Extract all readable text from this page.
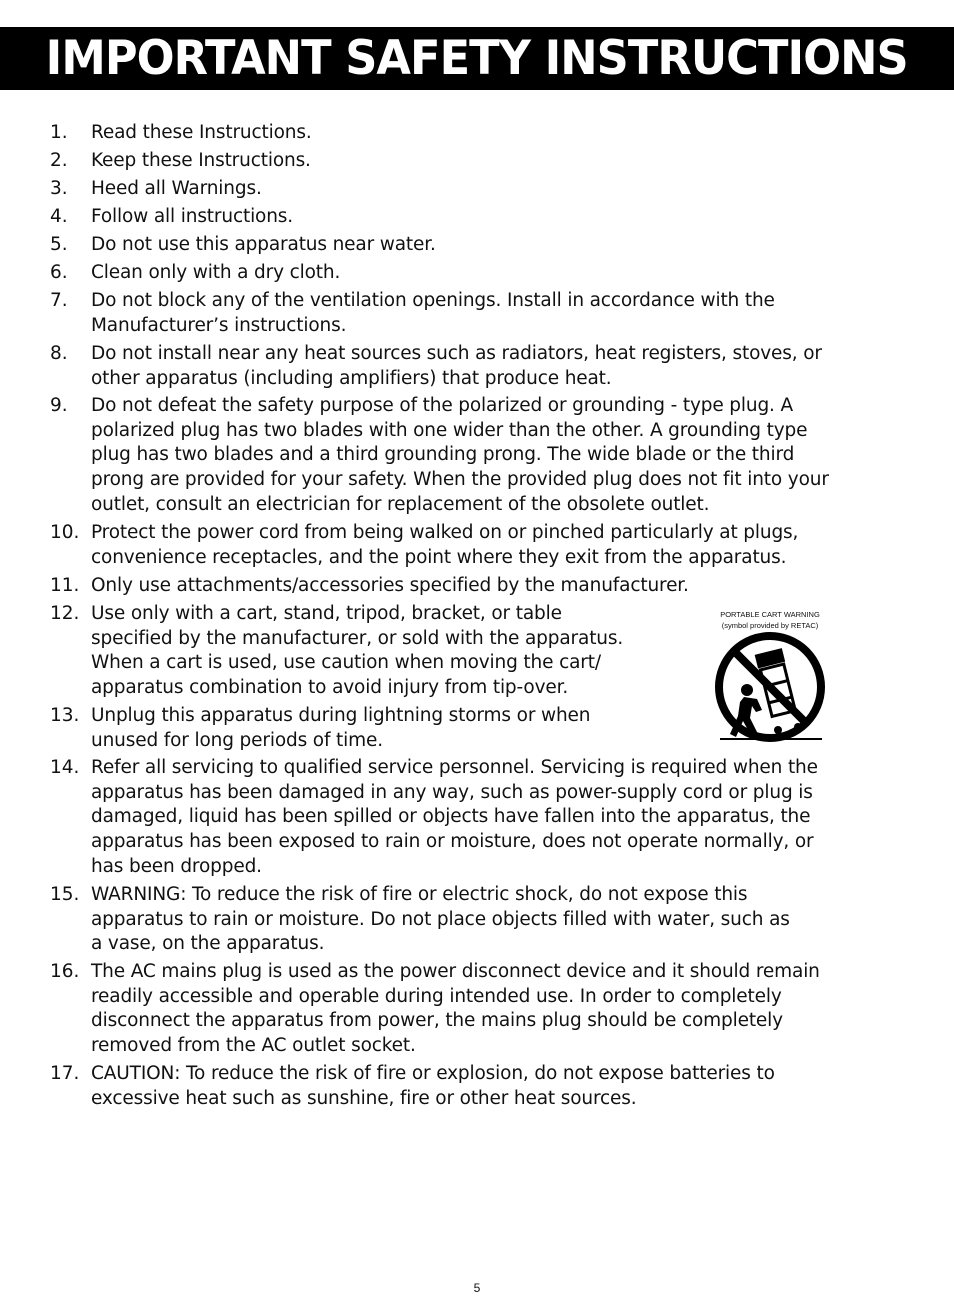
IMPORTANT SAFETY INSTRUCTIONS
1. Read these Instructions.
2. Keep these Instructions.
3. Heed all Warnings.
4. Follow all instructions.
5. Do not use this apparatus near water.
6. Clean only with a dry cloth.
7. Do not block any of the ventilation openings. Install in accordance with the
Manufacturer’s instructions.
8. Do not install near any heat sources such as radiators, heat registers, stoves, or
other apparatus (including amplifiers) that produce heat.
9. Do not defeat the safety purpose of the polarized or grounding - type plug. A
polarized plug has two blades with one wider than the other. A grounding type
plug has two blades and a third grounding prong. The wide blade or the third
prong are provided for your safety. When the provided plug does not fit into your
outlet, consult an electrician for replacement of the obsolete outlet.
10. Protect the power cord from being walked on or pinched particularly at plugs,
convenience receptacles, and the point where they exit from the apparatus.
11. Only use attachments/accessories specified by the manufacturer.
12. Use only with a cart, stand, tripod, bracket, or table
specified by the manufacturer, or sold with the apparatus.
When a cart is used, use caution when moving the cart/
apparatus combination to avoid injury from tip-over.
13. Unplug this apparatus during lightning storms or when
unused for long periods of time.
14. Refer all servicing to qualified service personnel. Servicing is required when the
apparatus has been damaged in any way, such as power-supply cord or plug is
damaged, liquid has been spilled or objects have fallen into the apparatus, the
apparatus has been exposed to rain or moisture, does not operate normally, or
has been dropped.
15. WARNING: To reduce the risk of fire or electric shock, do not expose this
apparatus to rain or moisture. Do not place objects filled with water, such as
a vase, on the apparatus.
16. The AC mains plug is used as the power disconnect device and it should remain
readily accessible and operable during intended use. In order to completely
disconnect the apparatus from power, the mains plug should be completely
removed from the AC outlet socket.
17. CAUTION: To reduce the risk of fire or explosion, do not expose batteries to
excessive heat such as sunshine, fire or other heat sources.
PORTABLE CART WARNING
(symbol provided by RETAC)
5
